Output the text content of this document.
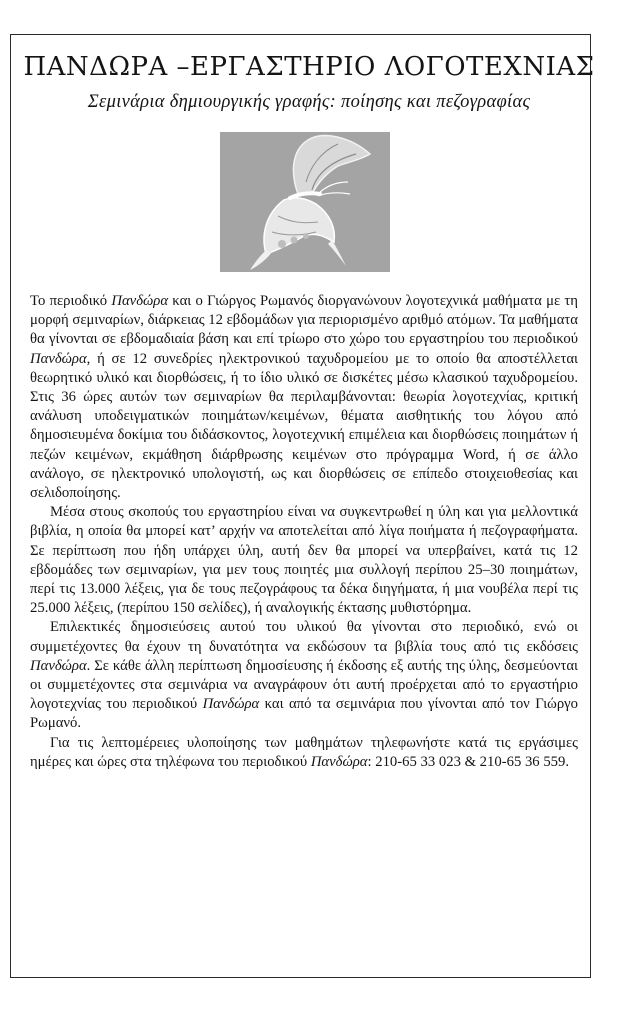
ΠΑΝΔΩΡΑ –ΕΡΓΑΣΤΗΡΙΟ ΛΟΓΟΤΕΧΝΙΑΣ
Σεμινάρια δημιουργικής γραφής: ποίησης και πεζογραφίας

Το περιοδικό Πανδώρα και ο Γιώργος Ρωμανός διοργανώνουν λογοτεχνικά μαθήματα με τη μορφή σεμιναρίων, διάρκειας 12 εβδομάδων για περιορισμένο αριθμό ατόμων. Τα μαθήματα θα γίνονται σε εβδομαδιαία βάση και επί τρίωρο στο χώρο του εργαστηρίου του περιοδικού Πανδώρα, ή σε 12 συνεδρίες ηλεκτρονικού ταχυδρομείου με το οποίο θα αποστέλλεται θεωρητικό υλικό και διορθώσεις, ή το ίδιο υλικό σε δισκέτες μέσω κλασικού ταχυδρομείου. Στις 36 ώρες αυτών των σεμιναρίων θα περιλαμβάνονται: θεωρία λογοτεχνίας, κριτική ανάλυση υποδειγματικών ποιημάτων/κειμένων, θέματα αισθητικής του λόγου από δημοσιευμένα δοκίμια του διδάσκοντος, λογοτεχνική επιμέλεια και διορθώσεις ποιημάτων ή πεζών κειμένων, εκμάθηση διάρθρωσης κειμένων στο πρόγραμμα Word, ή σε άλλο ανάλογο, σε ηλεκτρονικό υπολογιστή, ως και διορθώσεις σε επίπεδο στοιχειοθεσίας και σελιδοποίησης.

Μέσα στους σκοπούς του εργαστηρίου είναι να συγκεντρωθεί η ύλη και για μελλοντικά βιβλία, η οποία θα μπορεί κατ’ αρχήν να αποτελείται από λίγα ποιήματα ή πεζογραφήματα. Σε περίπτωση που ήδη υπάρχει ύλη, αυτή δεν θα μπορεί να υπερβαίνει, κατά τις 12 εβδομάδες των σεμιναρίων, για μεν τους ποιητές μια συλλογή περίπου 25–30 ποιημάτων, περί τις 13.000 λέξεις, για δε τους πεζογράφους τα δέκα διηγήματα, ή μια νουβέλα περί τις 25.000 λέξεις, (περίπου 150 σελίδες), ή αναλογικής έκτασης μυθιστόρημα.

Επιλεκτικές δημοσιεύσεις αυτού του υλικού θα γίνονται στο περιοδικό, ενώ οι συμμετέχοντες θα έχουν τη δυνατότητα να εκδώσουν τα βιβλία τους από τις εκδόσεις Πανδώρα. Σε κάθε άλλη περίπτωση δημοσίευσης ή έκδοσης εξ αυτής της ύλης, δεσμεύονται οι συμμετέχοντες στα σεμινάρια να αναγράφουν ότι αυτή προέρχεται από το εργαστήριο λογοτεχνίας του περιοδικού Πανδώρα και από τα σεμινάρια που γίνονται από τον Γιώργο Ρωμανό.

Για τις λεπτομέρειες υλοποίησης των μαθημάτων τηλεφωνήστε κατά τις εργάσιμες ημέρες και ώρες στα τηλέφωνα του περιοδικού Πανδώρα: 210-65 33 023 & 210-65 36 559.
